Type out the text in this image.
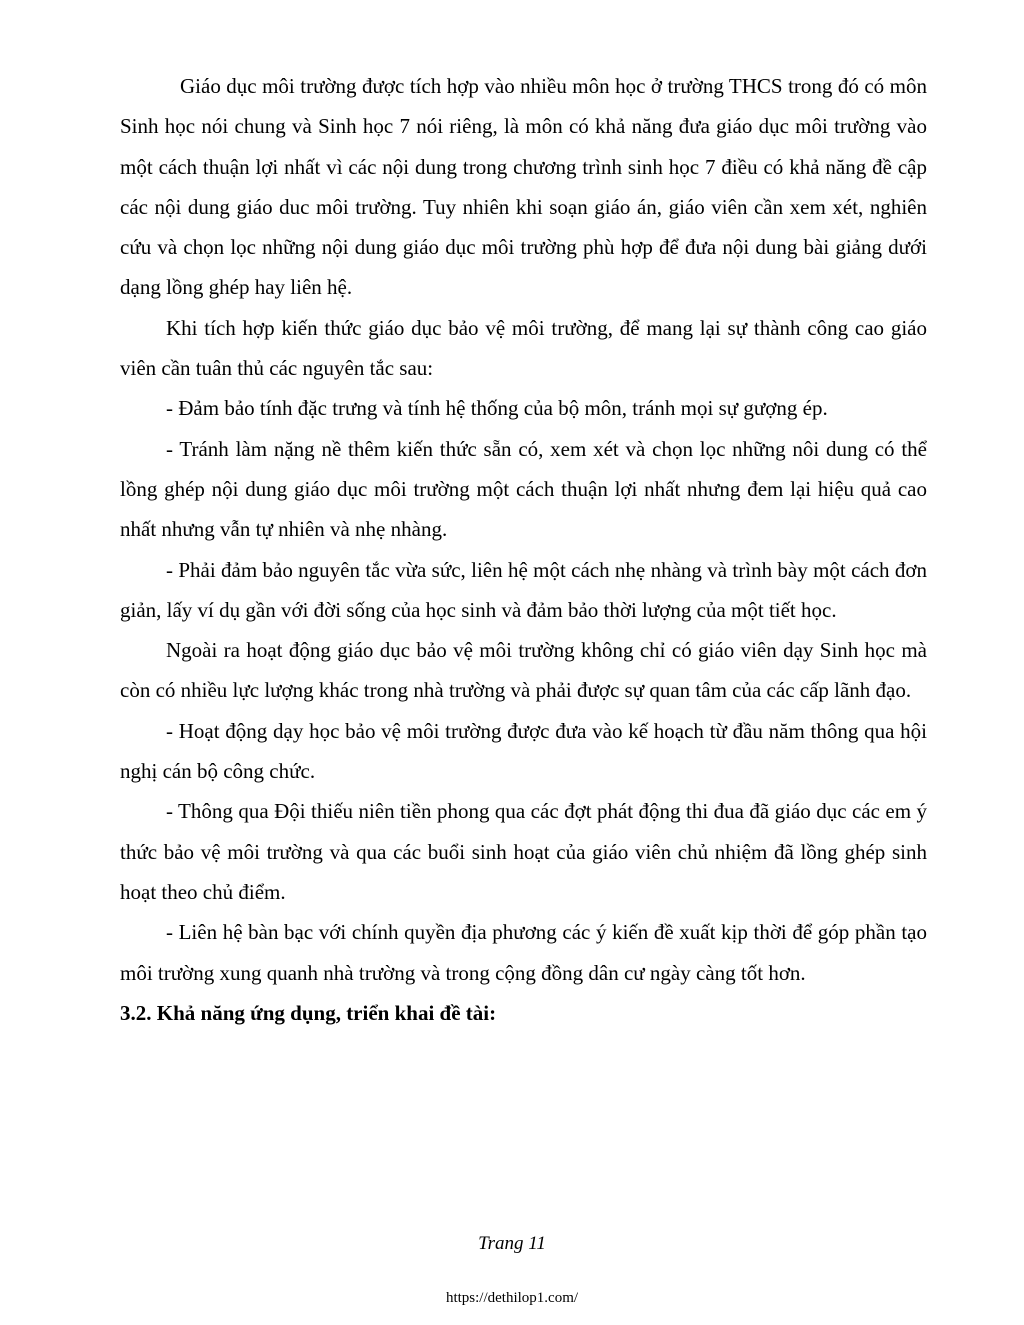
Giáo dục môi trường được tích hợp vào nhiều môn học ở trường THCS trong đó có môn Sinh học nói chung và Sinh học 7 nói riêng, là môn có khả năng đưa giáo dục môi trường vào một cách thuận lợi nhất vì các nội dung trong chương trình sinh học 7 điều có khả năng đề cập các nội dung giáo duc môi trường. Tuy nhiên khi soạn giáo án, giáo viên cần xem xét, nghiên cứu và chọn lọc những nội dung giáo dục môi trường phù hợp để đưa nội dung bài giảng dưới dạng lồng ghép hay liên hệ.

Khi tích hợp kiến thức giáo dục bảo vệ môi trường, để mang lại sự thành công cao giáo viên cần tuân thủ các nguyên tắc sau:

- Đảm bảo tính đặc trưng và tính hệ thống của bộ môn, tránh mọi sự gượng ép.

- Tránh làm nặng nề thêm kiến thức sẵn có, xem xét và chọn lọc những nôi dung có thể lồng ghép nội dung giáo dục môi trường một cách thuận lợi nhất nhưng đem lại hiệu quả cao nhất nhưng vẫn tự nhiên và nhẹ nhàng.

- Phải đảm bảo nguyên tắc vừa sức, liên hệ một cách nhẹ nhàng và trình bày một cách đơn giản, lấy ví dụ gần với đời sống của học sinh và đảm bảo thời lượng của một tiết học.

Ngoài ra hoạt động giáo dục bảo vệ môi trường không chỉ có giáo viên dạy Sinh học mà còn có nhiều lực lượng khác trong nhà trường và phải được sự quan tâm của các cấp lãnh đạo.

- Hoạt động dạy học bảo vệ môi trường được đưa vào kế hoạch từ đầu năm thông qua hội nghị cán bộ công chức.

- Thông qua Đội thiếu niên tiền phong qua các đợt phát động thi đua đã giáo dục các em ý thức bảo vệ môi trường và qua các buổi sinh hoạt của giáo viên chủ nhiệm đã lồng ghép sinh hoạt theo chủ điểm.

- Liên hệ bàn bạc với chính quyền địa phương các ý kiến đề xuất kịp thời để góp phần tạo môi trường xung quanh nhà trường và trong cộng đồng dân cư ngày càng tốt hơn.

3.2. Khả năng ứng dụng, triển khai đề tài:

Trang 11
https://dethilop1.com/
